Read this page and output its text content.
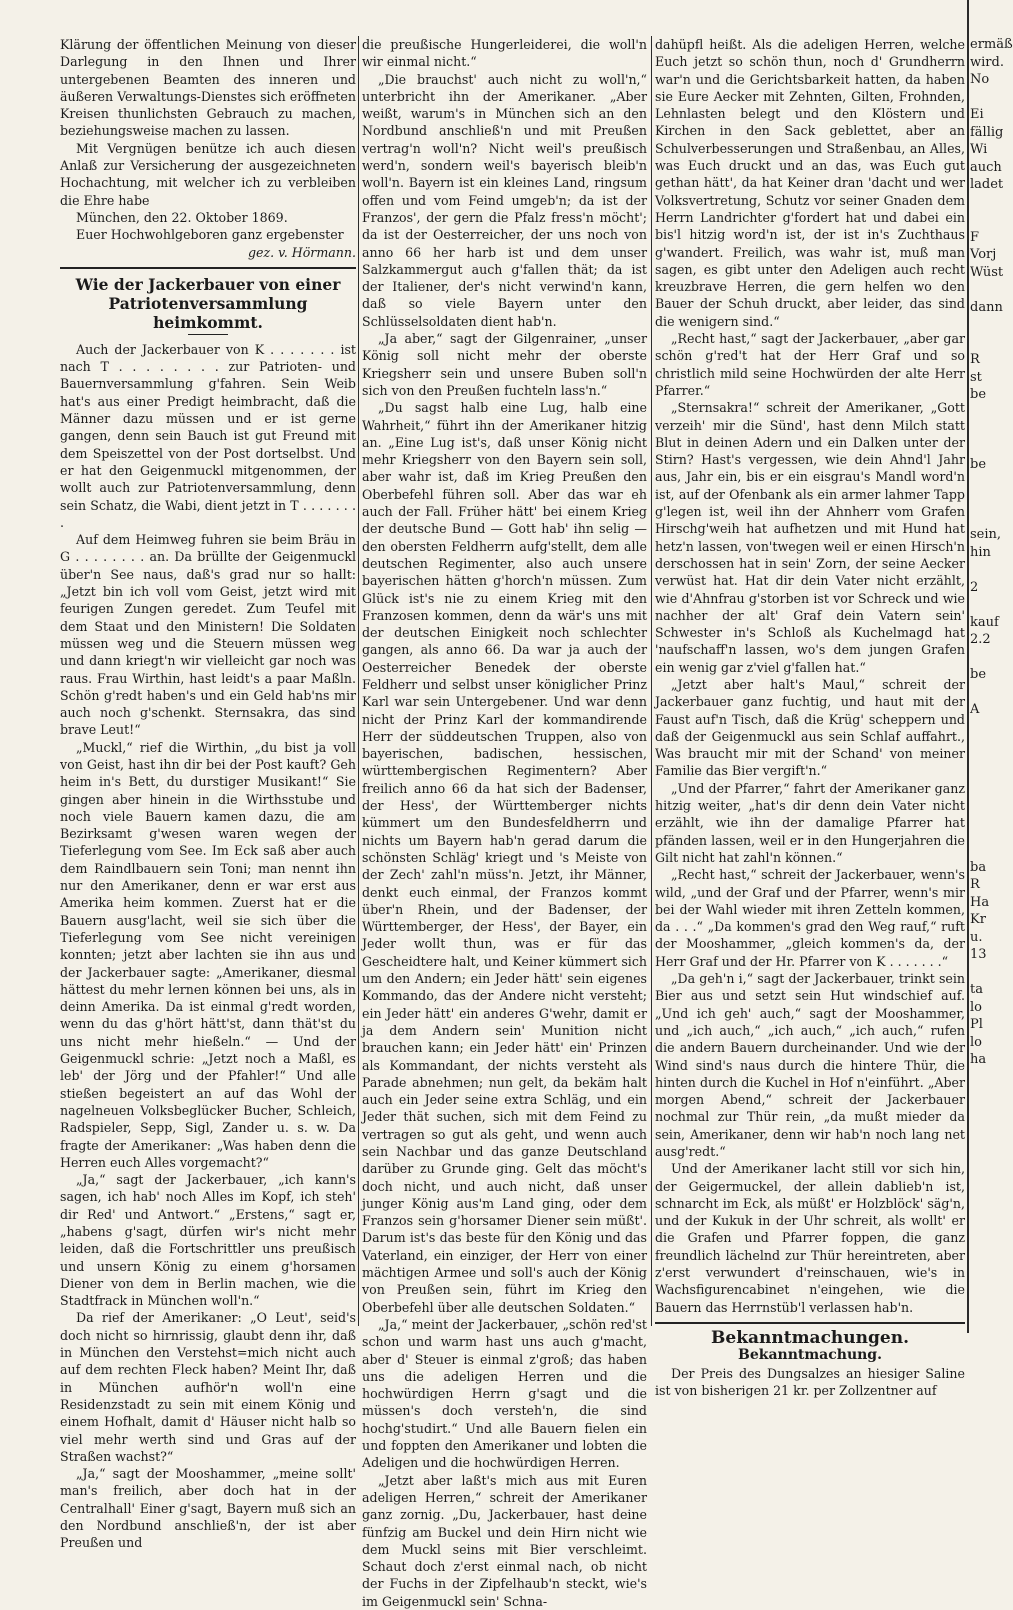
Klärung der öffentlichen Meinung von dieser Darlegung in den Ihnen und Ihrer untergebenen Beamten des inneren und äußeren Verwaltungs-Dienstes sich eröffneten Kreisen thunlichsten Gebrauch zu machen, beziehungsweise machen zu lassen.

Mit Vergnügen benütze ich auch diesen Anlaß zur Versicherung der ausgezeichneten Hochachtung, mit welcher ich zu verbleiben die Ehre habe

München, den 22. Oktober 1869.

Euer Hochwohlgeboren ganz ergebenster

gez. v. Hörmann.

Wie der Jackerbauer von einer Patriotenversammlung heimkommt.

Auch der Jackerbauer von K . . . . . . . ist nach T . . . . . . . . zur Patrioten- und Bauernversammlung g'fahren. Sein Weib hat's aus einer Predigt heimbracht, daß die Männer dazu müssen und er ist gerne gangen, denn sein Bauch ist gut Freund mit dem Speiszettel von der Post dortselbst. Und er hat den Geigenmuckl mitgenommen, der wollt auch zur Patriotenversammlung, denn sein Schatz, die Wabi, dient jetzt in T . . . . . . . .

Auf dem Heimweg fuhren sie beim Bräu in G . . . . . . . . an. Da brüllte der Geigenmuckl über'n See naus, daß's grad nur so hallt: „Jetzt bin ich voll vom Geist, jetzt wird mit feurigen Zungen geredet. Zum Teufel mit dem Staat und den Ministern! Die Soldaten müssen weg und die Steuern müssen weg und dann kriegt'n wir vielleicht gar noch was raus. Frau Wirthin, hast leidt's a paar Maßln. Schön g'redt haben's und ein Geld hab'ns mir auch noch g'schenkt. Sternsakra, das sind brave Leut!“

„Muckl,“ rief die Wirthin, „du bist ja voll von Geist, hast ihn dir bei der Post kauft? Geh heim in's Bett, du durstiger Musikant!“ Sie gingen aber hinein in die Wirthsstube und noch viele Bauern kamen dazu, die am Bezirksamt g'wesen waren wegen der Tieferlegung vom See. Im Eck saß aber auch dem Raindlbauern sein Toni; man nennt ihn nur den Amerikaner, denn er war erst aus Amerika heim kommen. Zuerst hat er die Bauern ausg'lacht, weil sie sich über die Tieferlegung vom See nicht vereinigen konnten; jetzt aber lachten sie ihn aus und der Jackerbauer sagte: „Amerikaner, diesmal hättest du mehr lernen können bei uns, als in deinn Amerika. Da ist einmal g'redt worden, wenn du das g'hört hätt'st, dann thät'st du uns nicht mehr hießeln.“ — Und der Geigenmuckl schrie: „Jetzt noch a Maßl, es leb' der Jörg und der Pfahler!“ Und alle stießen begeistert an auf das Wohl der nagelneuen Volksbeglücker Bucher, Schleich, Radspieler, Sepp, Sigl, Zander u. s. w. Da fragte der Amerikaner: „Was haben denn die Herren euch Alles vorgemacht?“

„Ja,“ sagt der Jackerbauer, „ich kann's sagen, ich hab' noch Alles im Kopf, ich steh' dir Red' und Antwort.“ „Erstens,“ sagt er, „habens g'sagt, dürfen wir's nicht mehr leiden, daß die Fortschrittler uns preußisch und unsern König zu einem g'horsamen Diener von dem in Berlin machen, wie die Stadtfrack in München woll'n.“

Da rief der Amerikaner: „O Leut', seid's doch nicht so hirnrissig, glaubt denn ihr, daß in München den Verstehst=mich nicht auch auf dem rechten Fleck haben? Meint Ihr, daß in München aufhör'n woll'n eine Residenzstadt zu sein mit einem König und einem Hofhalt, damit d' Häuser nicht halb so viel mehr werth sind und Gras auf der Straßen wachst?“

„Ja,“ sagt der Mooshammer, „meine sollt' man's freilich, aber doch hat in der Centralhall' Einer g'sagt, Bayern muß sich an den Nordbund anschließ'n, der ist aber Preußen und

die preußische Hungerleiderei, die woll'n wir einmal nicht.“

„Die brauchst' auch nicht zu woll'n,“ unterbricht ihn der Amerikaner. „Aber weißt, warum's in München sich an den Nordbund anschließ'n und mit Preußen vertrag'n woll'n? Nicht weil's preußisch werd'n, sondern weil's bayerisch bleib'n woll'n. Bayern ist ein kleines Land, ringsum offen und vom Feind umgeb'n; da ist der Franzos', der gern die Pfalz fress'n möcht'; da ist der Oesterreicher, der uns noch von anno 66 her harb ist und dem unser Salzkammergut auch g'fallen thät; da ist der Italiener, der's nicht verwind'n kann, daß so viele Bayern unter den Schlüsselsoldaten dient hab'n.

„Ja aber,“ sagt der Gilgenrainer, „unser König soll nicht mehr der oberste Kriegsherr sein und unsere Buben soll'n sich von den Preußen fuchteln lass'n.“

„Du sagst halb eine Lug, halb eine Wahrheit,“ führt ihn der Amerikaner hitzig an. „Eine Lug ist's, daß unser König nicht mehr Kriegsherr von den Bayern sein soll, aber wahr ist, daß im Krieg Preußen den Oberbefehl führen soll. Aber das war eh auch der Fall. Früher hätt' bei einem Krieg der deutsche Bund — Gott hab' ihn selig — den obersten Feldherrn aufg'stellt, dem alle deutschen Regimenter, also auch unsere bayerischen hätten g'horch'n müssen. Zum Glück ist's nie zu einem Krieg mit den Franzosen kommen, denn da wär's uns mit der deutschen Einigkeit noch schlechter gangen, als anno 66. Da war ja auch der Oesterreicher Benedek der oberste Feldherr und selbst unser königlicher Prinz Karl war sein Untergebener. Und war denn nicht der Prinz Karl der kommandirende Herr der süddeutschen Truppen, also von bayerischen, badischen, hessischen, württembergischen Regimentern? Aber freilich anno 66 da hat sich der Badenser, der Hess', der Württemberger nichts kümmert um den Bundesfeldherrn und nichts um Bayern hab'n gerad darum die schönsten Schläg' kriegt und 's Meiste von der Zech' zahl'n müss'n. Jetzt, ihr Männer, denkt euch einmal, der Franzos kommt über'n Rhein, und der Badenser, der Württemberger, der Hess', der Bayer, ein Jeder wollt thun, was er für das Gescheidtere halt, und Keiner kümmert sich um den Andern; ein Jeder hätt' sein eigenes Kommando, das der Andere nicht versteht; ein Jeder hätt' ein anderes G'wehr, damit er ja dem Andern sein' Munition nicht brauchen kann; ein Jeder hätt' ein' Prinzen als Kommandant, der nichts versteht als Parade abnehmen; nun gelt, da bekäm halt auch ein Jeder seine extra Schläg, und ein Jeder thät suchen, sich mit dem Feind zu vertragen so gut als geht, und wenn auch sein Nachbar und das ganze Deutschland darüber zu Grunde ging. Gelt das möcht's doch nicht, und auch nicht, daß unser junger König aus'm Land ging, oder dem Franzos sein g'horsamer Diener sein müßt'. Darum ist's das beste für den König und das Vaterland, ein einziger, der Herr von einer mächtigen Armee und soll's auch der König von Preußen sein, führt im Krieg den Oberbefehl über alle deutschen Soldaten.“

„Ja,“ meint der Jackerbauer, „schön red'st schon und warm hast uns auch g'macht, aber d' Steuer is einmal z'groß; das haben uns die adeligen Herren und die hochwürdigen Herrn g'sagt und die müssen's doch versteh'n, die sind hochg'studirt.“ Und alle Bauern fielen ein und foppten den Amerikaner und lobten die Adeligen und die hochwürdigen Herren.

„Jetzt aber laßt's mich aus mit Euren adeligen Herren,“ schreit der Amerikaner ganz zornig. „Du, Jackerbauer, hast deine fünfzig am Buckel und dein Hirn nicht wie dem Muckl seins mit Bier verschleimt. Schaut doch z'erst einmal nach, ob nicht der Fuchs in der Zipfelhaub'n steckt, wie's im Geigenmuckl sein' Schna-

dahüpfl heißt. Als die adeligen Herren, welche Euch jetzt so schön thun, noch d' Grundherrn war'n und die Gerichtsbarkeit hatten, da haben sie Eure Aecker mit Zehnten, Gilten, Frohnden, Lehnlasten belegt und den Klöstern und Kirchen in den Sack geblettet, aber an Schulverbesserungen und Straßenbau, an Alles, was Euch druckt und an das, was Euch gut gethan hätt', da hat Keiner dran 'dacht und wer Volksvertretung, Schutz vor seiner Gnaden dem Herrn Landrichter g'fordert hat und dabei ein bis'l hitzig word'n ist, der ist in's Zuchthaus g'wandert. Freilich, was wahr ist, muß man sagen, es gibt unter den Adeligen auch recht kreuzbrave Herren, die gern helfen wo den Bauer der Schuh druckt, aber leider, das sind die wenigern sind.“

„Recht hast,“ sagt der Jackerbauer, „aber gar schön g'red't hat der Herr Graf und so christlich mild seine Hochwürden der alte Herr Pfarrer.“

„Sternsakra!“ schreit der Amerikaner, „Gott verzeih' mir die Sünd', hast denn Milch statt Blut in deinen Adern und ein Dalken unter der Stirn? Hast's vergessen, wie dein Ahnd'l Jahr aus, Jahr ein, bis er ein eisgrau's Mandl word'n ist, auf der Ofenbank als ein armer lahmer Tapp g'legen ist, weil ihn der Ahnherr vom Grafen Hirschg'weih hat aufhetzen und mit Hund hat hetz'n lassen, von'twegen weil er einen Hirsch'n derschossen hat in sein' Zorn, der seine Aecker verwüst hat. Hat dir dein Vater nicht erzählt, wie d'Ahnfrau g'storben ist vor Schreck und wie nachher der alt' Graf dein Vatern sein' Schwester in's Schloß als Kuchelmagd hat 'naufschaff'n lassen, wo's dem jungen Grafen ein wenig gar z'viel g'fallen hat.“

„Jetzt aber halt's Maul,“ schreit der Jackerbauer ganz fuchtig, und haut mit der Faust auf'n Tisch, daß die Krüg' scheppern und daß der Geigenmuckl aus sein Schlaf auffahrt., Was braucht mir mit der Schand' von meiner Familie das Bier vergift'n.“

„Und der Pfarrer,“ fahrt der Amerikaner ganz hitzig weiter, „hat's dir denn dein Vater nicht erzählt, wie ihn der damalige Pfarrer hat pfänden lassen, weil er in den Hungerjahren die Gilt nicht hat zahl'n können.“

„Recht hast,“ schreit der Jackerbauer, wenn's wild, „und der Graf und der Pfarrer, wenn's mir bei der Wahl wieder mit ihren Zetteln kommen, da . . .“ „Da kommen's grad den Weg rauf,“ ruft der Mooshammer, „gleich kommen's da, der Herr Graf und der Hr. Pfarrer von K . . . . . . .“

„Da geh'n i,“ sagt der Jackerbauer, trinkt sein Bier aus und setzt sein Hut windschief auf. „Und ich geh' auch,“ sagt der Mooshammer, und „ich auch,“ „ich auch,“ „ich auch,“ rufen die andern Bauern durcheinander. Und wie der Wind sind's naus durch die hintere Thür, die hinten durch die Kuchel in Hof n'einführt. „Aber morgen Abend,“ schreit der Jackerbauer nochmal zur Thür rein, „da mußt mieder da sein, Amerikaner, denn wir hab'n noch lang net ausg'redt.“

Und der Amerikaner lacht still vor sich hin, der Geigermuckel, der allein dablieb'n ist, schnarcht im Eck, als müßt' er Holzblöck' säg'n, und der Kukuk in der Uhr schreit, als wollt' er die Grafen und Pfarrer foppen, die ganz freundlich lächelnd zur Thür hereintreten, aber z'erst verwundert d'reinschauen, wie's in Wachsfigurencabinet n'eingehen, wie die Bauern das Herrnstüb'l verlassen hab'n.

Bekanntmachungen.

Bekanntmachung.

Der Preis des Dungsalzes an hiesiger Saline ist von bisherigen 21 kr. per Zollzentner auf

ermäß
wird.
No

Ei
fällig
Wi
auch
ladet

F
Vorj
Wüst

dann

R
st
be

be

sein,
hin

2

kauf
2.2

be

A

ba
R
Ha
Kr
u.
13

ta
lo
Pl
lo
ha
